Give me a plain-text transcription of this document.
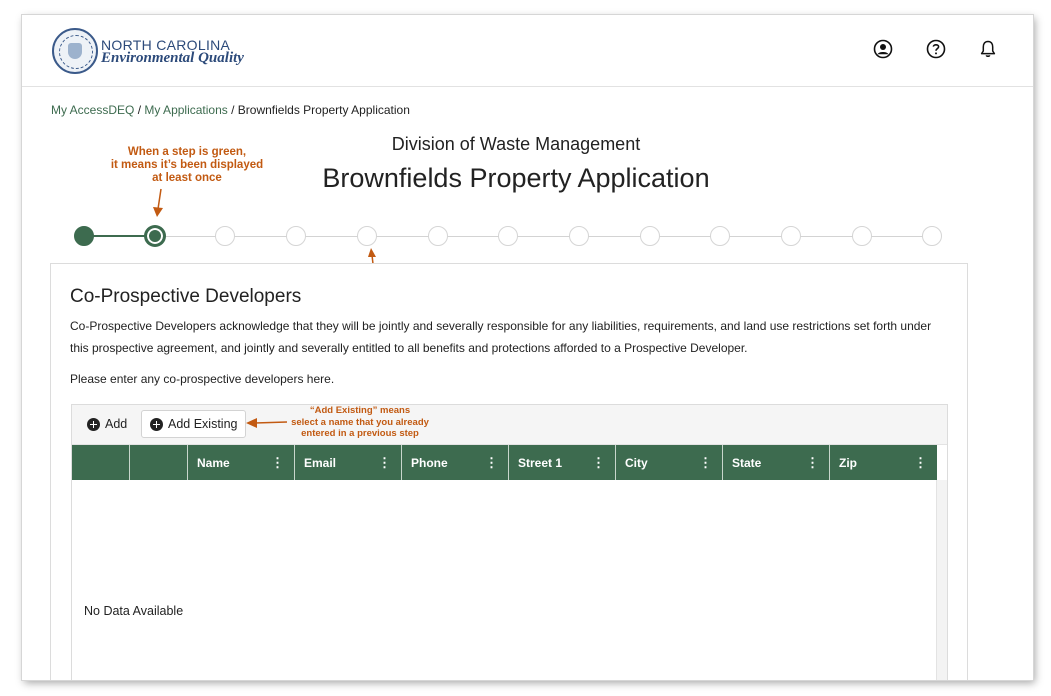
NORTH CAROLINA
Environmental Quality
My AccessDEQ / My Applications / Brownfields Property Application
Division of Waste Management
Brownfields Property Application
When a step is green,
it means it’s been displayed
at least once
Co-Prospective Developers
Co-Prospective Developers acknowledge that they will be jointly and severally responsible for any liabilities, requirements, and land use restrictions set forth under this prospective agreement, and jointly and severally entitled to all benefits and protections afforded to a Prospective Developer.
Please enter any co-prospective developers here.
Add	Add Existing
Name	⋮ Email	⋮ Phone	⋮ Street 1 ⋮ City	⋮ State	⋮ Zip	⋮
No Data Available
“Add Existing” means
select a name that you already
entered in a previous step
